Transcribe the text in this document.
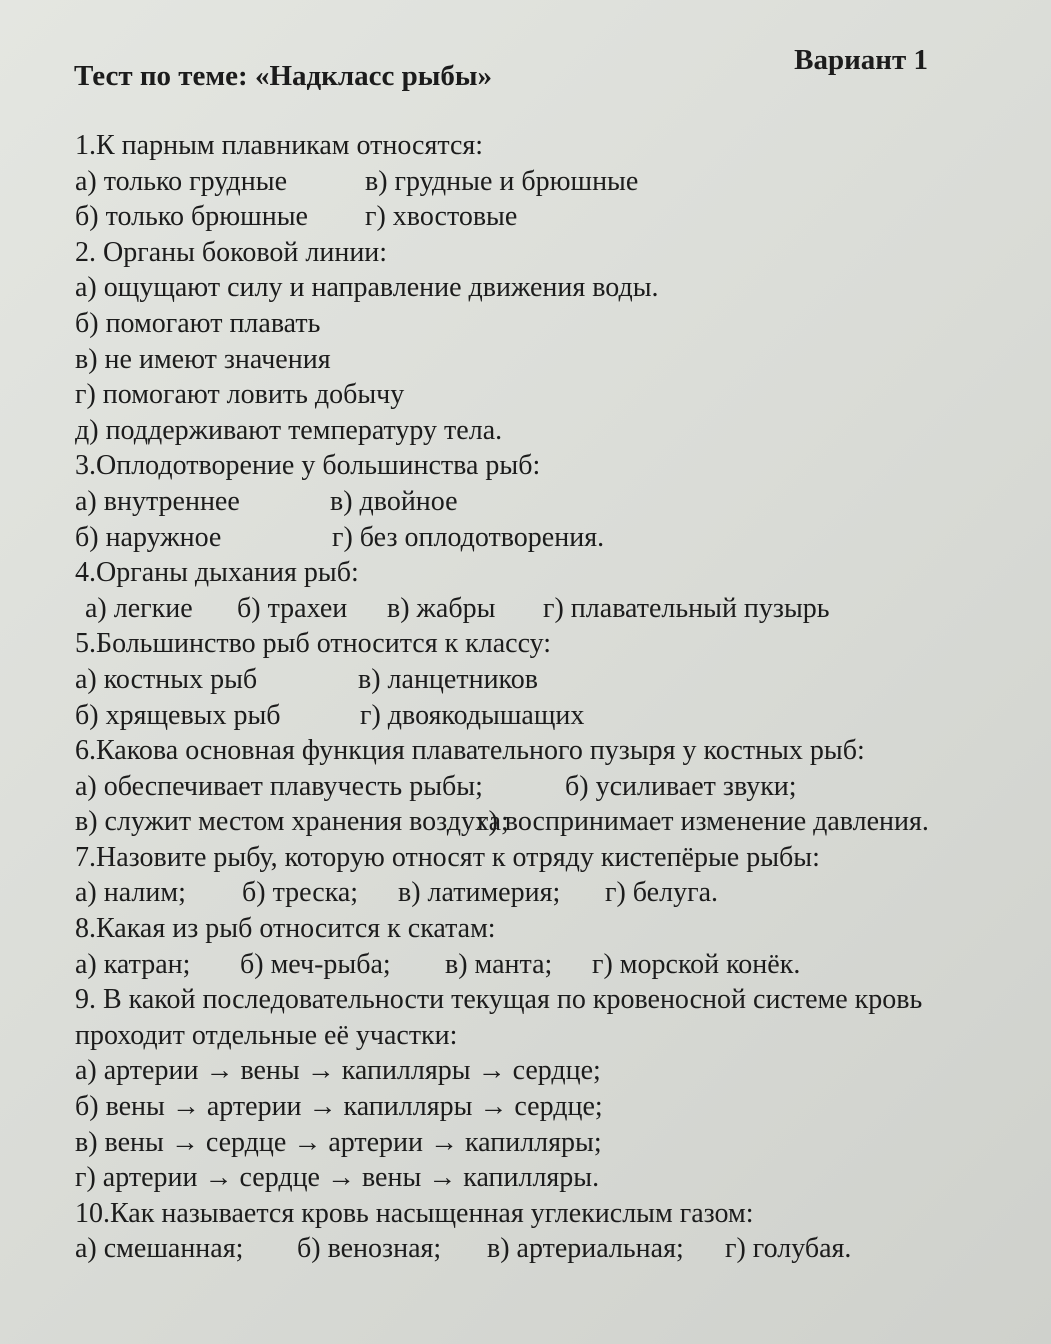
Тест по теме: «Надкласс рыбы»	Вариант 1
1.К парным плавникам относятся:
а) только грудные	в) грудные и брюшные
б) только брюшные г) хвостовые
2. Органы боковой линии:
а) ощущают силу и направление движения воды.
б) помогают плавать
в) не имеют значения
г) помогают ловить добычу
д) поддерживают температуру тела.
3.Оплодотворение у большинства рыб:
а) внутреннее	в) двойное
б) наружное	г) без оплодотворения.
4.Органы дыхания рыб:
а) легкие б) трахеи в) жабры г) плавательный пузырь
5.Большинство рыб относится к классу:
а) костных рыб	в) ланцетников
б) хрящевых рыб	г) двоякодышащих
6.Какова основная функция плавательного пузыря у костных рыб:
а) обеспечивает плавучесть рыбы;	б) усиливает звуки;
в) служит местом хранения воздуха;
г) воспринимает изменение давления.
7.Назовите рыбу, которую относят к отряду кистепёрые рыбы:
а) налим; б) треска; в) латимерия; г) белуга.
8.Какая из рыб относится к скатам:
а) катран; б) меч-рыба; в) манта; г) морской конёк.
9. В какой последовательности текущая по кровеносной системе кровь проходит отдельные её участки:
а) артерии → вены → капилляры → сердце;
б) вены → артерии → капилляры → сердце;
в) вены → сердце → артерии → капилляры;
г) артерии → сердце → вены → капилляры.
10.Как называется кровь насыщенная углекислым газом:
а) смешанная; б) венозная; в) артериальная; г) голубая.
